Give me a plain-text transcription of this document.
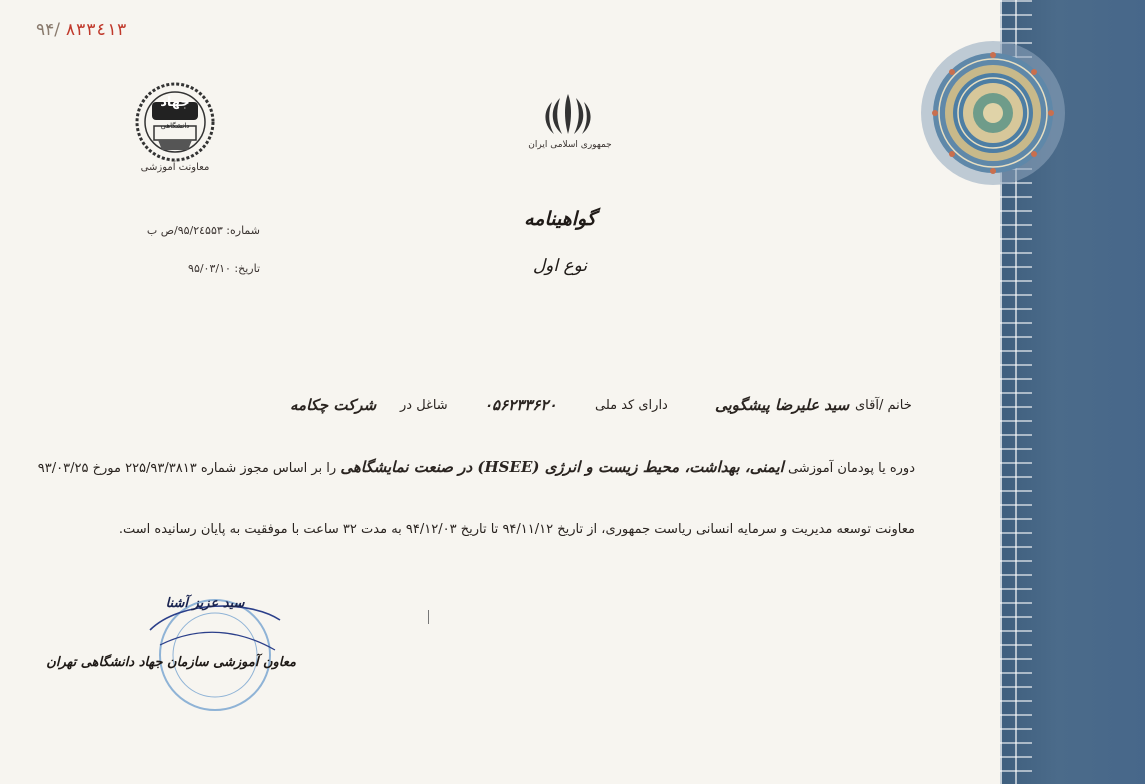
۹۴/ ۸۳۳٤۱۳
جهاد
دانشگاهی
معاونت آموزشی
جمهوری اسلامی ایران
شماره: ۹۵/۲٤۵۵۳/ص ب
تاریخ: ۹۵/۰۳/۱۰
گواهینامه
نوع اول
خانم /آقای
سید علیرضا پیشگویی
دارای کد ملی
۰۵۶۲۳۳۶۲۰
شاغل در
شرکت چکامه
دوره یا پودمان آموزشی ایمنی، بهداشت، محیط زیست و انرژی (HSEE) در صنعت نمایشگاهی را بر اساس مجوز شماره ۲۲۵/۹۳/۳۸۱۳ مورخ ۹۳/۰۳/۲۵
معاونت توسعه مدیریت و سرمایه انسانی ریاست جمهوری، از تاریخ ۹۴/۱۱/۱۲ تا تاریخ ۹۴/۱۲/۰۳ به مدت ۳۲ ساعت با موفقیت به پایان رسانیده است.
سید عزیز آشنا
معاون آموزشی سازمان جهاد دانشگاهی تهران
